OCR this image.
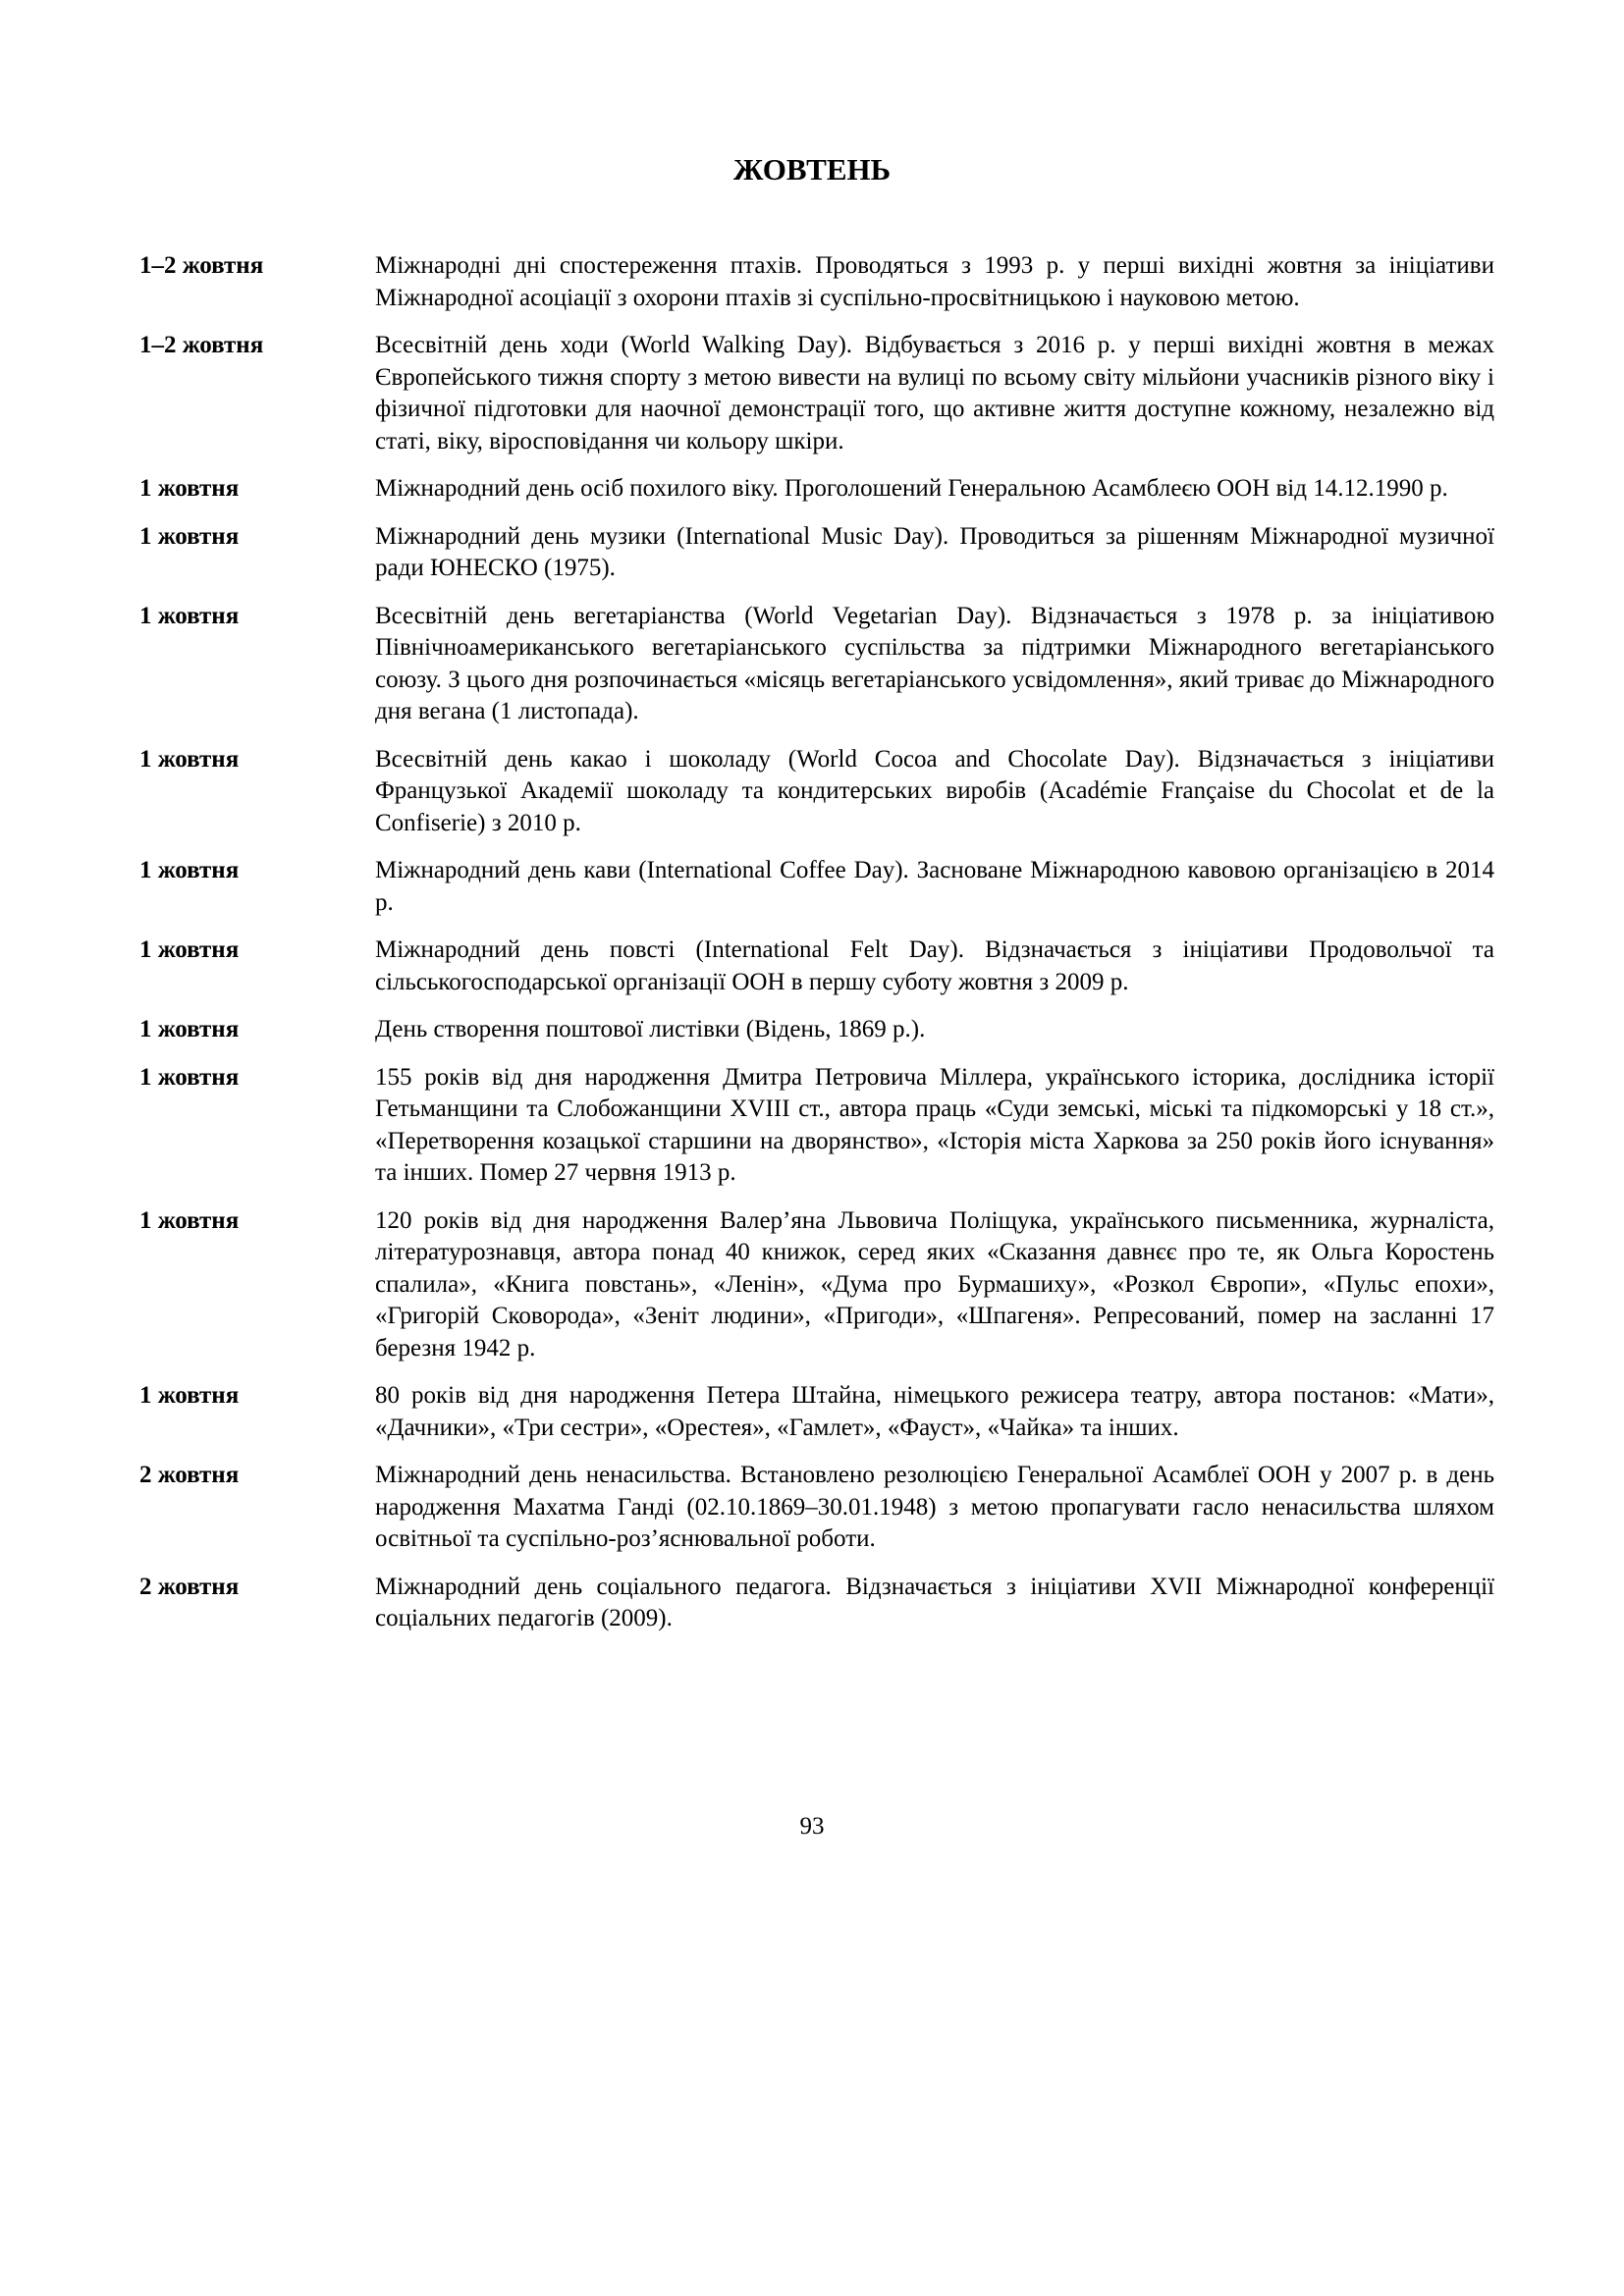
ЖОВТЕНЬ
1–2 жовтня	Міжнародні дні спостереження птахів. Проводяться з 1993 р. у перші вихідні жовтня за ініціативи Міжнародної асоціації з охорони птахів зі суспільно-просвітницькою і науковою метою.
1–2 жовтня	Всесвітній день ходи (World Walking Day). Відбувається з 2016 р. у перші вихідні жовтня в межах Європейського тижня спорту з метою вивести на вулиці по всьому світу мільйони учасників різного віку і фізичної підготовки для наочної демонстрації того, що активне життя доступне кожному, незалежно від статі, віку, віросповідання чи кольору шкіри.
1 жовтня	Міжнародний день осіб похилого віку. Проголошений Генеральною Асамблеєю ООН від 14.12.1990 р.
1 жовтня	Міжнародний день музики (International Music Day). Проводиться за рішенням Міжнародної музичної ради ЮНЕСКО (1975).
1 жовтня	Всесвітній день вегетаріанства (World Vegetarian Day). Відзначається з 1978 р. за ініціативою Північноамериканського вегетаріанського суспільства за підтримки Міжнародного вегетаріанського союзу. З цього дня розпочинається «місяць вегетаріанського усвідомлення», який триває до Міжнародного дня вегана (1 листопада).
1 жовтня	Всесвітній день какао і шоколаду (World Cocoa and Chocolate Day). Відзначається з ініціативи Французької Академії шоколаду та кондитерських виробів (Académie Française du Chocolat et de la Confiserie) з 2010 р.
1 жовтня	Міжнародний день кави (International Coffee Day). Засноване Міжнародною кавовою організацією в 2014 р.
1 жовтня	Міжнародний день повсті (International Felt Day). Відзначається з ініціативи Продовольчої та сільськогосподарської організації ООН в першу суботу жовтня з 2009 р.
1 жовтня	День створення поштової листівки (Відень, 1869 р.).
1 жовтня	155 років від дня народження Дмитра Петровича Міллера, українського історика, дослідника історії Гетьманщини та Слобожанщини XVIII ст., автора праць «Суди земські, міські та підкоморські у 18 ст.», «Перетворення козацької старшини на дворянство», «Історія міста Харкова за 250 років його існування» та інших. Помер 27 червня 1913 р.
1 жовтня	120 років від дня народження Валер’яна Львовича Поліщука, українського письменника, журналіста, літературознавця, автора понад 40 книжок, серед яких «Сказання давнєє про те, як Ольга Коростень спалила», «Книга повстань», «Ленін», «Дума про Бурмашиху», «Розкол Європи», «Пульс епохи», «Григорій Сковорода», «Зеніт людини», «Пригоди», «Шпагеня». Репресований, помер на засланні 17 березня 1942 р.
1 жовтня	80 років від дня народження Петера Штайна, німецького режисера театру, автора постанов: «Мати», «Дачники», «Три сестри», «Орестея», «Гамлет», «Фауст», «Чайка» та інших.
2 жовтня	Міжнародний день ненасильства. Встановлено резолюцією Генеральної Асамблеї ООН у 2007 р. в день народження Махатма Ганді (02.10.1869–30.01.1948) з метою пропагувати гасло ненасильства шляхом освітньої та суспільно-роз’яснювальної роботи.
2 жовтня	Міжнародний день соціального педагога. Відзначається з ініціативи XVII Міжнародної конференції соціальних педагогів (2009).
93
